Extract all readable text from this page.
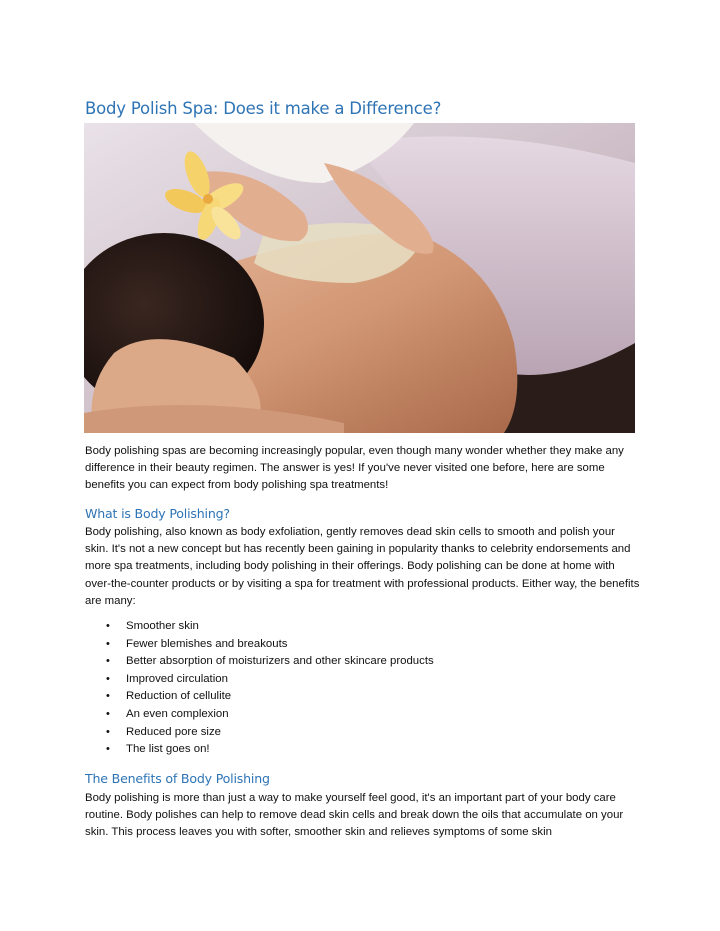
Body Polish Spa: Does it make a Difference?

Body polishing spas are becoming increasingly popular, even though many wonder whether they make any difference in their beauty regimen. The answer is yes! If you've never visited one before, here are some benefits you can expect from body polishing spa treatments!

What is Body Polishing?

Body polishing, also known as body exfoliation, gently removes dead skin cells to smooth and polish your skin. It's not a new concept but has recently been gaining in popularity thanks to celebrity endorsements and more spa treatments, including body polishing in their offerings. Body polishing can be done at home with over-the-counter products or by visiting a spa for treatment with professional products. Either way, the benefits are many:

• Smoother skin
• Fewer blemishes and breakouts
• Better absorption of moisturizers and other skincare products
• Improved circulation
• Reduction of cellulite
• An even complexion
• Reduced pore size
• The list goes on!
The Benefits of Body Polishing

Body polishing is more than just a way to make yourself feel good, it's an important part of your body care routine. Body polishes can help to remove dead skin cells and break down the oils that accumulate on your skin. This process leaves you with softer, smoother skin and relieves symptoms of some skin
